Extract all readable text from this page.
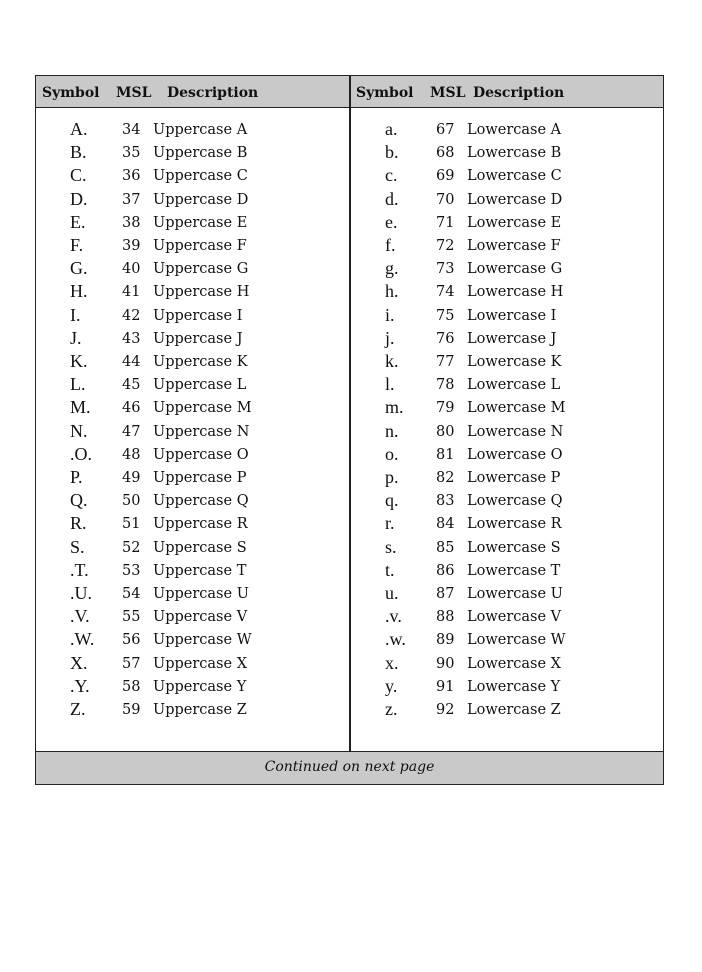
Symbol MSL Description	Symbol MSL Description
A. 34 Uppercase A
B. 35 Uppercase B
C. 36 Uppercase C
D. 37 Uppercase D
E.	38 Uppercase E
F.	39 Uppercase F
G. 40 Uppercase G
H. 41 Uppercase H
I.	42 Uppercase I
J.	43 Uppercase J
K. 44 Uppercase K
L.	45 Uppercase L
M. 46 Uppercase M
N. 47 Uppercase N
.O. 48 Uppercase O
P.	49 Uppercase P
Q. 50 Uppercase Q
R. 51 Uppercase R
S.	52 Uppercase S
.T. 53 Uppercase T
.U. 54 Uppercase U
.V. 55 Uppercase V
.W. 56 Uppercase W
X. 57 Uppercase X
.Y. 58 Uppercase Y
Z.	59 Uppercase Z
a.	67 Lowercase A
b.	68 Lowercase B
c.	69 Lowercase C
d.	70 Lowercase D
e.	71 Lowercase E
f.	72 Lowercase F
g.	73 Lowercase G
h.	74 Lowercase H
i.	75 Lowercase I
j.	76 Lowercase J
k.	77 Lowercase K
l.	78 Lowercase L
m. 79 Lowercase M
n.	80 Lowercase N
o.	81 Lowercase O
p.	82 Lowercase P
q.	83 Lowercase Q
r.	84 Lowercase R
s.	85 Lowercase S
t.	86 Lowercase T
u.	87 Lowercase U
.v. 88 Lowercase V
.w. 89 Lowercase W
x.	90 Lowercase X
y.	91 Lowercase Y
z.	92 Lowercase Z
Continued on next page
